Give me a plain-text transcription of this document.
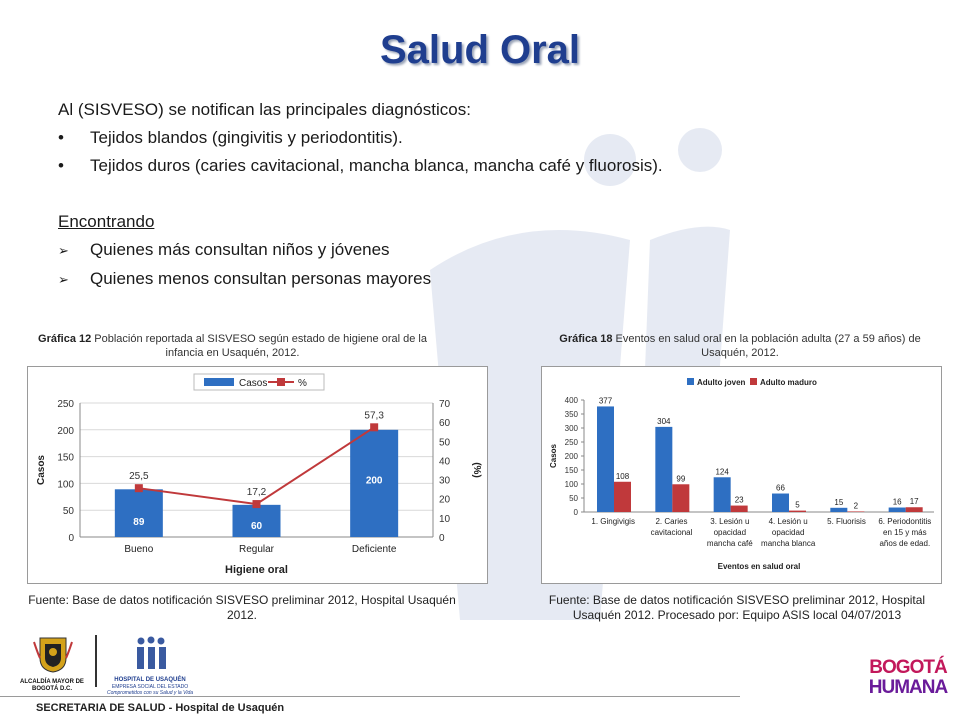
Salud Oral
Al (SISVESO) se notifican las principales diagnósticos:
• Tejidos blandos (gingivitis y periodontitis).
• Tejidos duros (caries cavitacional, mancha blanca, mancha café y fluorosis).
Encontrando
➢ Quienes más consultan niños y jóvenes
➢ Quienes menos consultan personas mayores
Gráfica 12 Población reportada al SISVESO según estado de higiene oral de la infancia en Usaquén, 2012.
Gráfica 18 Eventos en salud oral en la población adulta (27 a 59 años) de Usaquén, 2012.
Casos	%
0
50
100
150
200
250
0
10
20
30
40
50
60
70
89
Bueno
60
Regular
200
Deficiente
25,5
17,2
57,3
Higiene oral
Casos	(%)
Adulto joven Adulto maduro
0
50
100
150
200
250
300
350
400	377
108
1. Gingivigis
304
99
2. Caries
cavitacional
124
23
3. Lesión u
opacidad
mancha café
66
5
4. Lesión u
opacidad
mancha blanca
15 2
5. Fluorisis
16 17
6. Periodontitis
en 15 y más
años de edad.
Eventos en salud oral
Casos
Fuente: Base de datos notificación SISVESO preliminar 2012, Hospital Usaquén 2012.
Fuente: Base de datos notificación SISVESO preliminar 2012, Hospital Usaquén 2012. Procesado por: Equipo ASIS local 04/07/2013
ALCALDÍA MAYOR DE BOGOTÁ D.C.
HOSPITAL DE USAQUÉN
EMPRESA SOCIAL DEL ESTADO
Comprometidos con su Salud y la Vida
BOGOTÁ
HUMANA
SECRETARIA DE SALUD - Hospital de Usaquén
